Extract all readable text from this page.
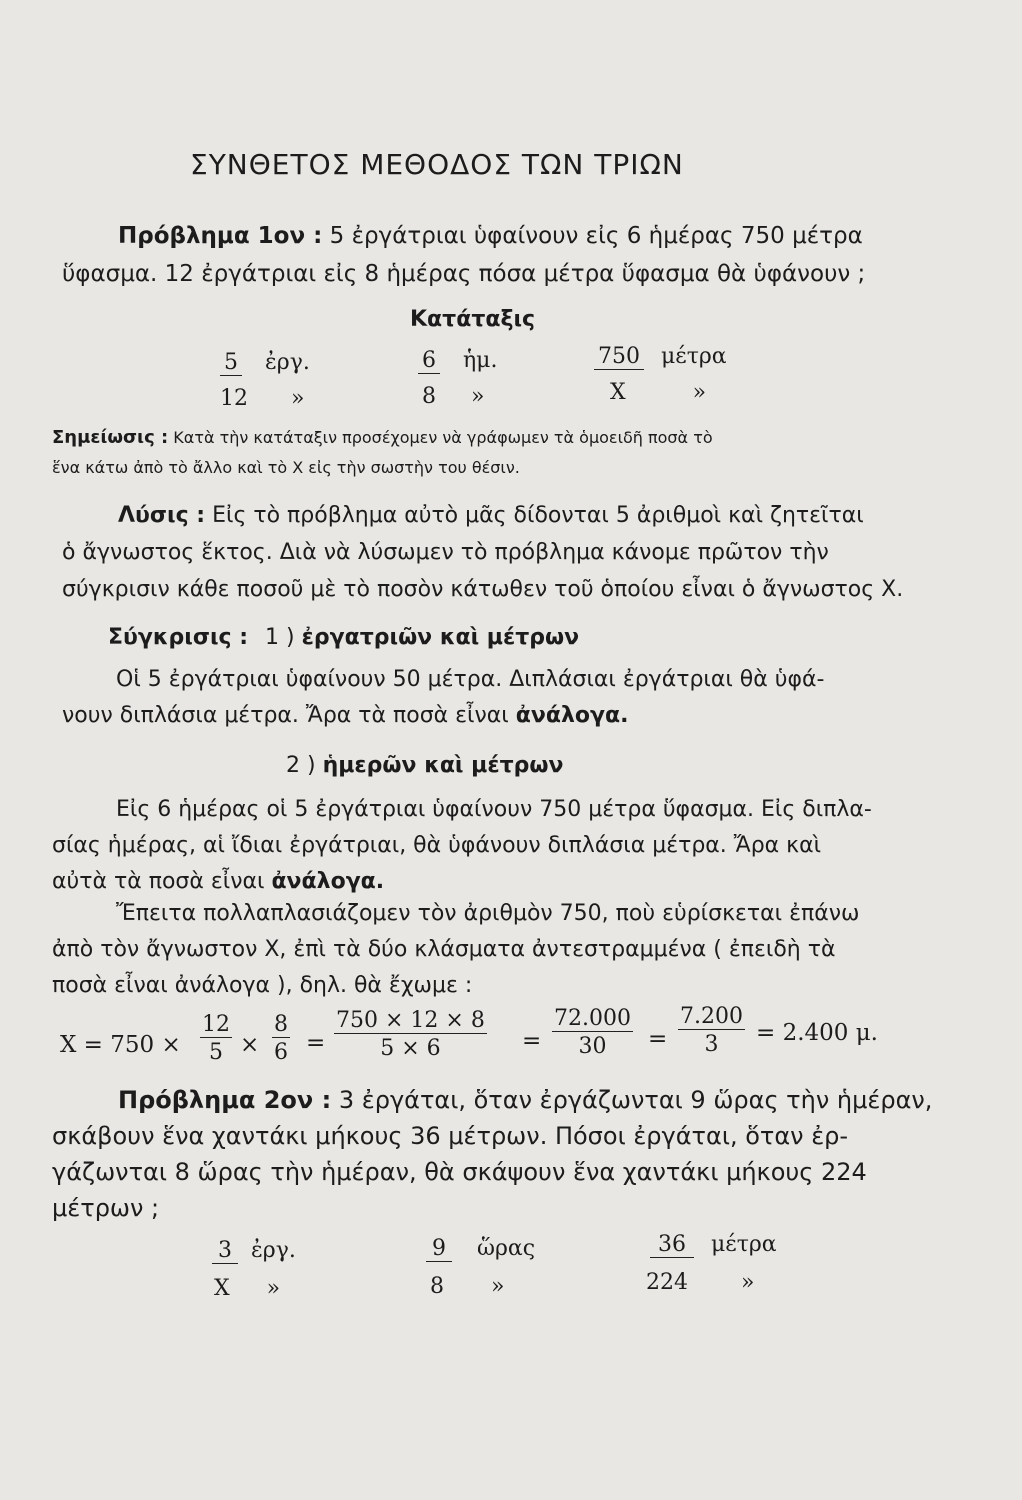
ΣΥΝΘΕΤΟΣ ΜΕΘΟΔΟΣ ΤΩΝ ΤΡΙΩΝ
Πρόβλημα 1ον : 5 ἐργάτριαι ὑφαίνουν εἰς 6 ἡμέρας 750 μέτρα
ὕφασμα. 12 ἐργάτριαι εἰς 8 ἡμέρας πόσα μέτρα ὕφασμα θὰ ὑφάνουν ;
Κατάταξις
5 ἐργ.
12 »
6 ἡμ.
8 »
750 μέτρα
X	»
Σημείωσις : Κατὰ τὴν κατάταξιν προσέχομεν νὰ γράφωμεν τὰ ὁμοειδῆ ποσὰ τὸ
ἕνα κάτω ἀπὸ τὸ ἄλλο καὶ τὸ X εἰς τὴν σωστὴν του θέσιν.
Λύσις : Εἰς τὸ πρόβλημα αὐτὸ μᾶς δίδονται 5 ἀριθμοὶ καὶ ζητεῖται
ὁ ἄγνωστος ἕκτος. Διὰ νὰ λύσωμεν τὸ πρόβλημα κάνομε πρῶτον τὴν
σύγκρισιν κάθε ποσοῦ μὲ τὸ ποσὸν κάτωθεν τοῦ ὁποίου εἶναι ὁ ἄγνωστος X.
Σύγκρισις : 1 ) ἐργατριῶν καὶ μέτρων
Οἱ 5 ἐργάτριαι ὑφαίνουν 50 μέτρα. Διπλάσιαι ἐργάτριαι θὰ ὑφά-
νουν διπλάσια μέτρα. Ἄρα τὰ ποσὰ εἶναι ἀνάλογα.
2 ) ἡμερῶν καὶ μέτρων
Εἰς 6 ἡμέρας οἱ 5 ἐργάτριαι ὑφαίνουν 750 μέτρα ὕφασμα. Εἰς διπλα-
σίας ἡμέρας, αἱ ἴδιαι ἐργάτριαι, θὰ ὑφάνουν διπλάσια μέτρα. Ἄρα καὶ
αὐτὰ τὰ ποσὰ εἶναι ἀνάλογα.
Ἔπειτα πολλαπλασιάζομεν τὸν ἀριθμὸν 750, ποὺ εὑρίσκεται ἐπάνω
ἀπὸ τὸν ἄγνωστον X, ἐπὶ τὰ δύο κλάσματα ἀντεστραμμένα ( ἐπειδὴ τὰ
ποσὰ εἶναι ἀνάλογα ), δηλ. θὰ ἔχωμε :
$X = 750 \times \frac{12}{5} \times \frac{8}{6} = \frac{750 \times 12 \times 8}{5 \times 6} = \frac{72.000}{30} = \frac{7.200}{3} = 2.400$ μ.
Πρόβλημα 2ον : 3 ἐργάται, ὅταν ἐργάζωνται 9 ὥρας τὴν ἡμέραν,
σκάβουν ἕνα χαντάκι μήκους 36 μέτρων. Πόσοι ἐργάται, ὅταν ἐρ-
γάζωνται 8 ὥρας τὴν ἡμέραν, θὰ σκάψουν ἕνα χαντάκι μήκους 224
μέτρων ;
3 ἐργ.
X »
9 ὥρας
8 »
36 μέτρα
224 »
